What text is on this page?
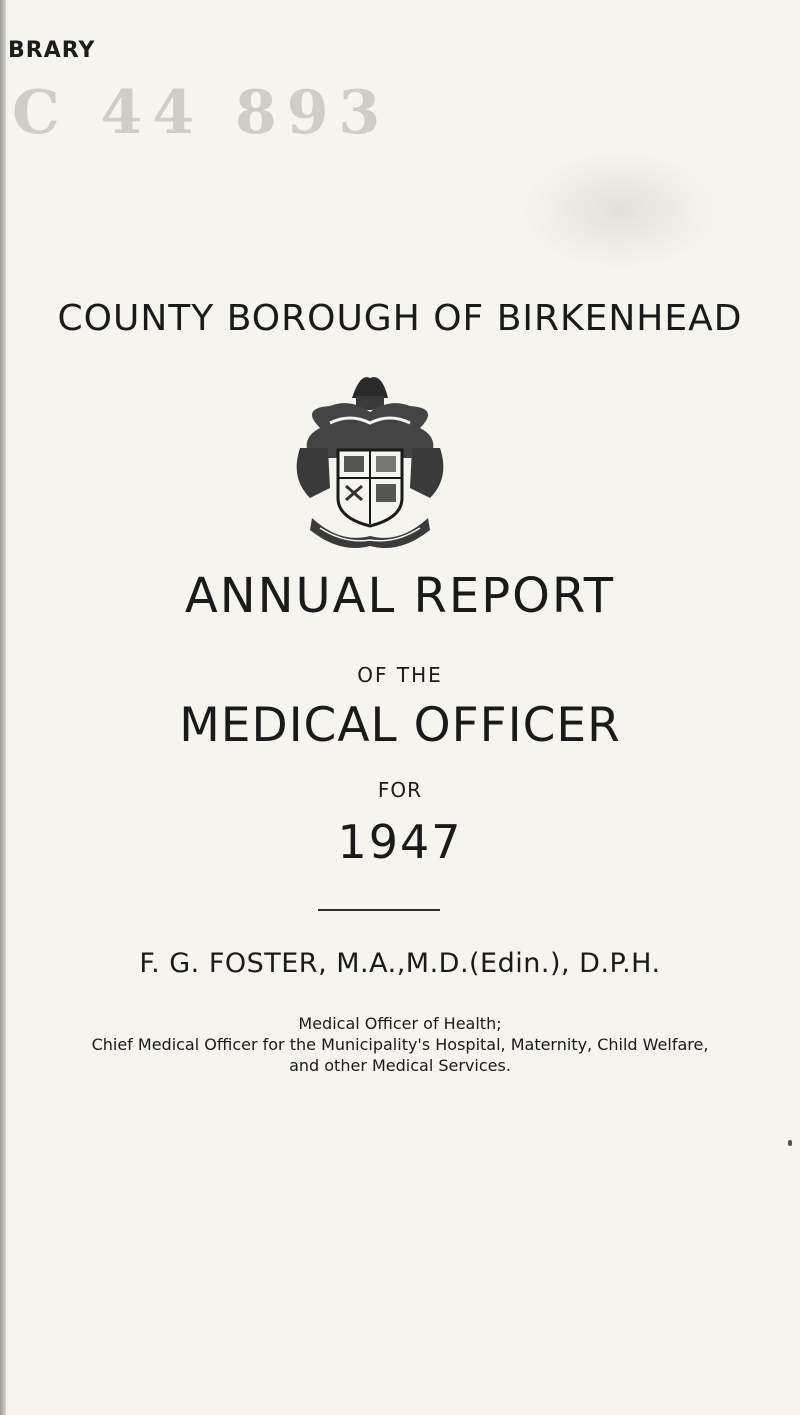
BRARY
C 44 893
COUNTY BOROUGH OF BIRKENHEAD
ANNUAL REPORT
OF THE
MEDICAL OFFICER
FOR
1947
F. G. FOSTER, M.A.,M.D.(Edin.), D.P.H.
Medical Officer of Health;
Chief Medical Officer for the Municipality's Hospital, Maternity, Child Welfare,
and other Medical Services.
